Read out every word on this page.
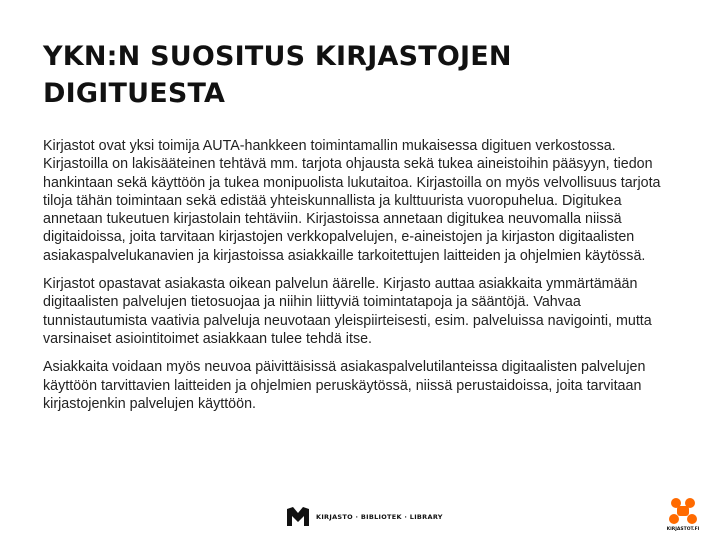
YKN:N SUOSITUS KIRJASTOJEN
DIGITUESTA

Kirjastot ovat yksi toimija AUTA-hankkeen toimintamallin mukaisessa digituen verkostossa. Kirjastoilla on lakisääteinen tehtävä mm. tarjota ohjausta sekä tukea aineistoihin pääsyyn, tiedon hankintaan sekä käyttöön ja tukea monipuolista lukutaitoa. Kirjastoilla on myös velvollisuus tarjota tiloja tähän toimintaan sekä edistää yhteiskunnallista ja kulttuurista vuoropuhelua. Digitukea annetaan tukeutuen kirjastolain tehtäviin. Kirjastoissa annetaan digitukea neuvomalla niissä digitaidoissa, joita tarvitaan kirjastojen verkkopalvelujen, e-aineistojen ja kirjaston digitaalisten asiakaspalvelukanavien ja kirjastoissa asiakkaille tarkoitettujen laitteiden ja ohjelmien käytössä.

Kirjastot opastavat asiakasta oikean palvelun äärelle. Kirjasto auttaa asiakkaita ymmärtämään digitaalisten palvelujen tietosuojaa ja niihin liittyviä toimintatapoja ja sääntöjä. Vahvaa tunnistautumista vaativia palveluja neuvotaan yleispiirteisesti, esim. palveluissa navigointi, mutta varsinaiset asiointitoimet asiakkaan tulee tehdä itse.

Asiakkaita voidaan myös neuvoa päivittäisissä asiakaspalvelutilanteissa digitaalisten palvelujen käyttöön tarvittavien laitteiden ja ohjelmien peruskäytössä, niissä perustaidoissa, joita tarvitaan kirjastojenkin palvelujen käyttöön.

KIRJASTO · BIBLIOTEK · LIBRARY
KIRJASTOT.FI
